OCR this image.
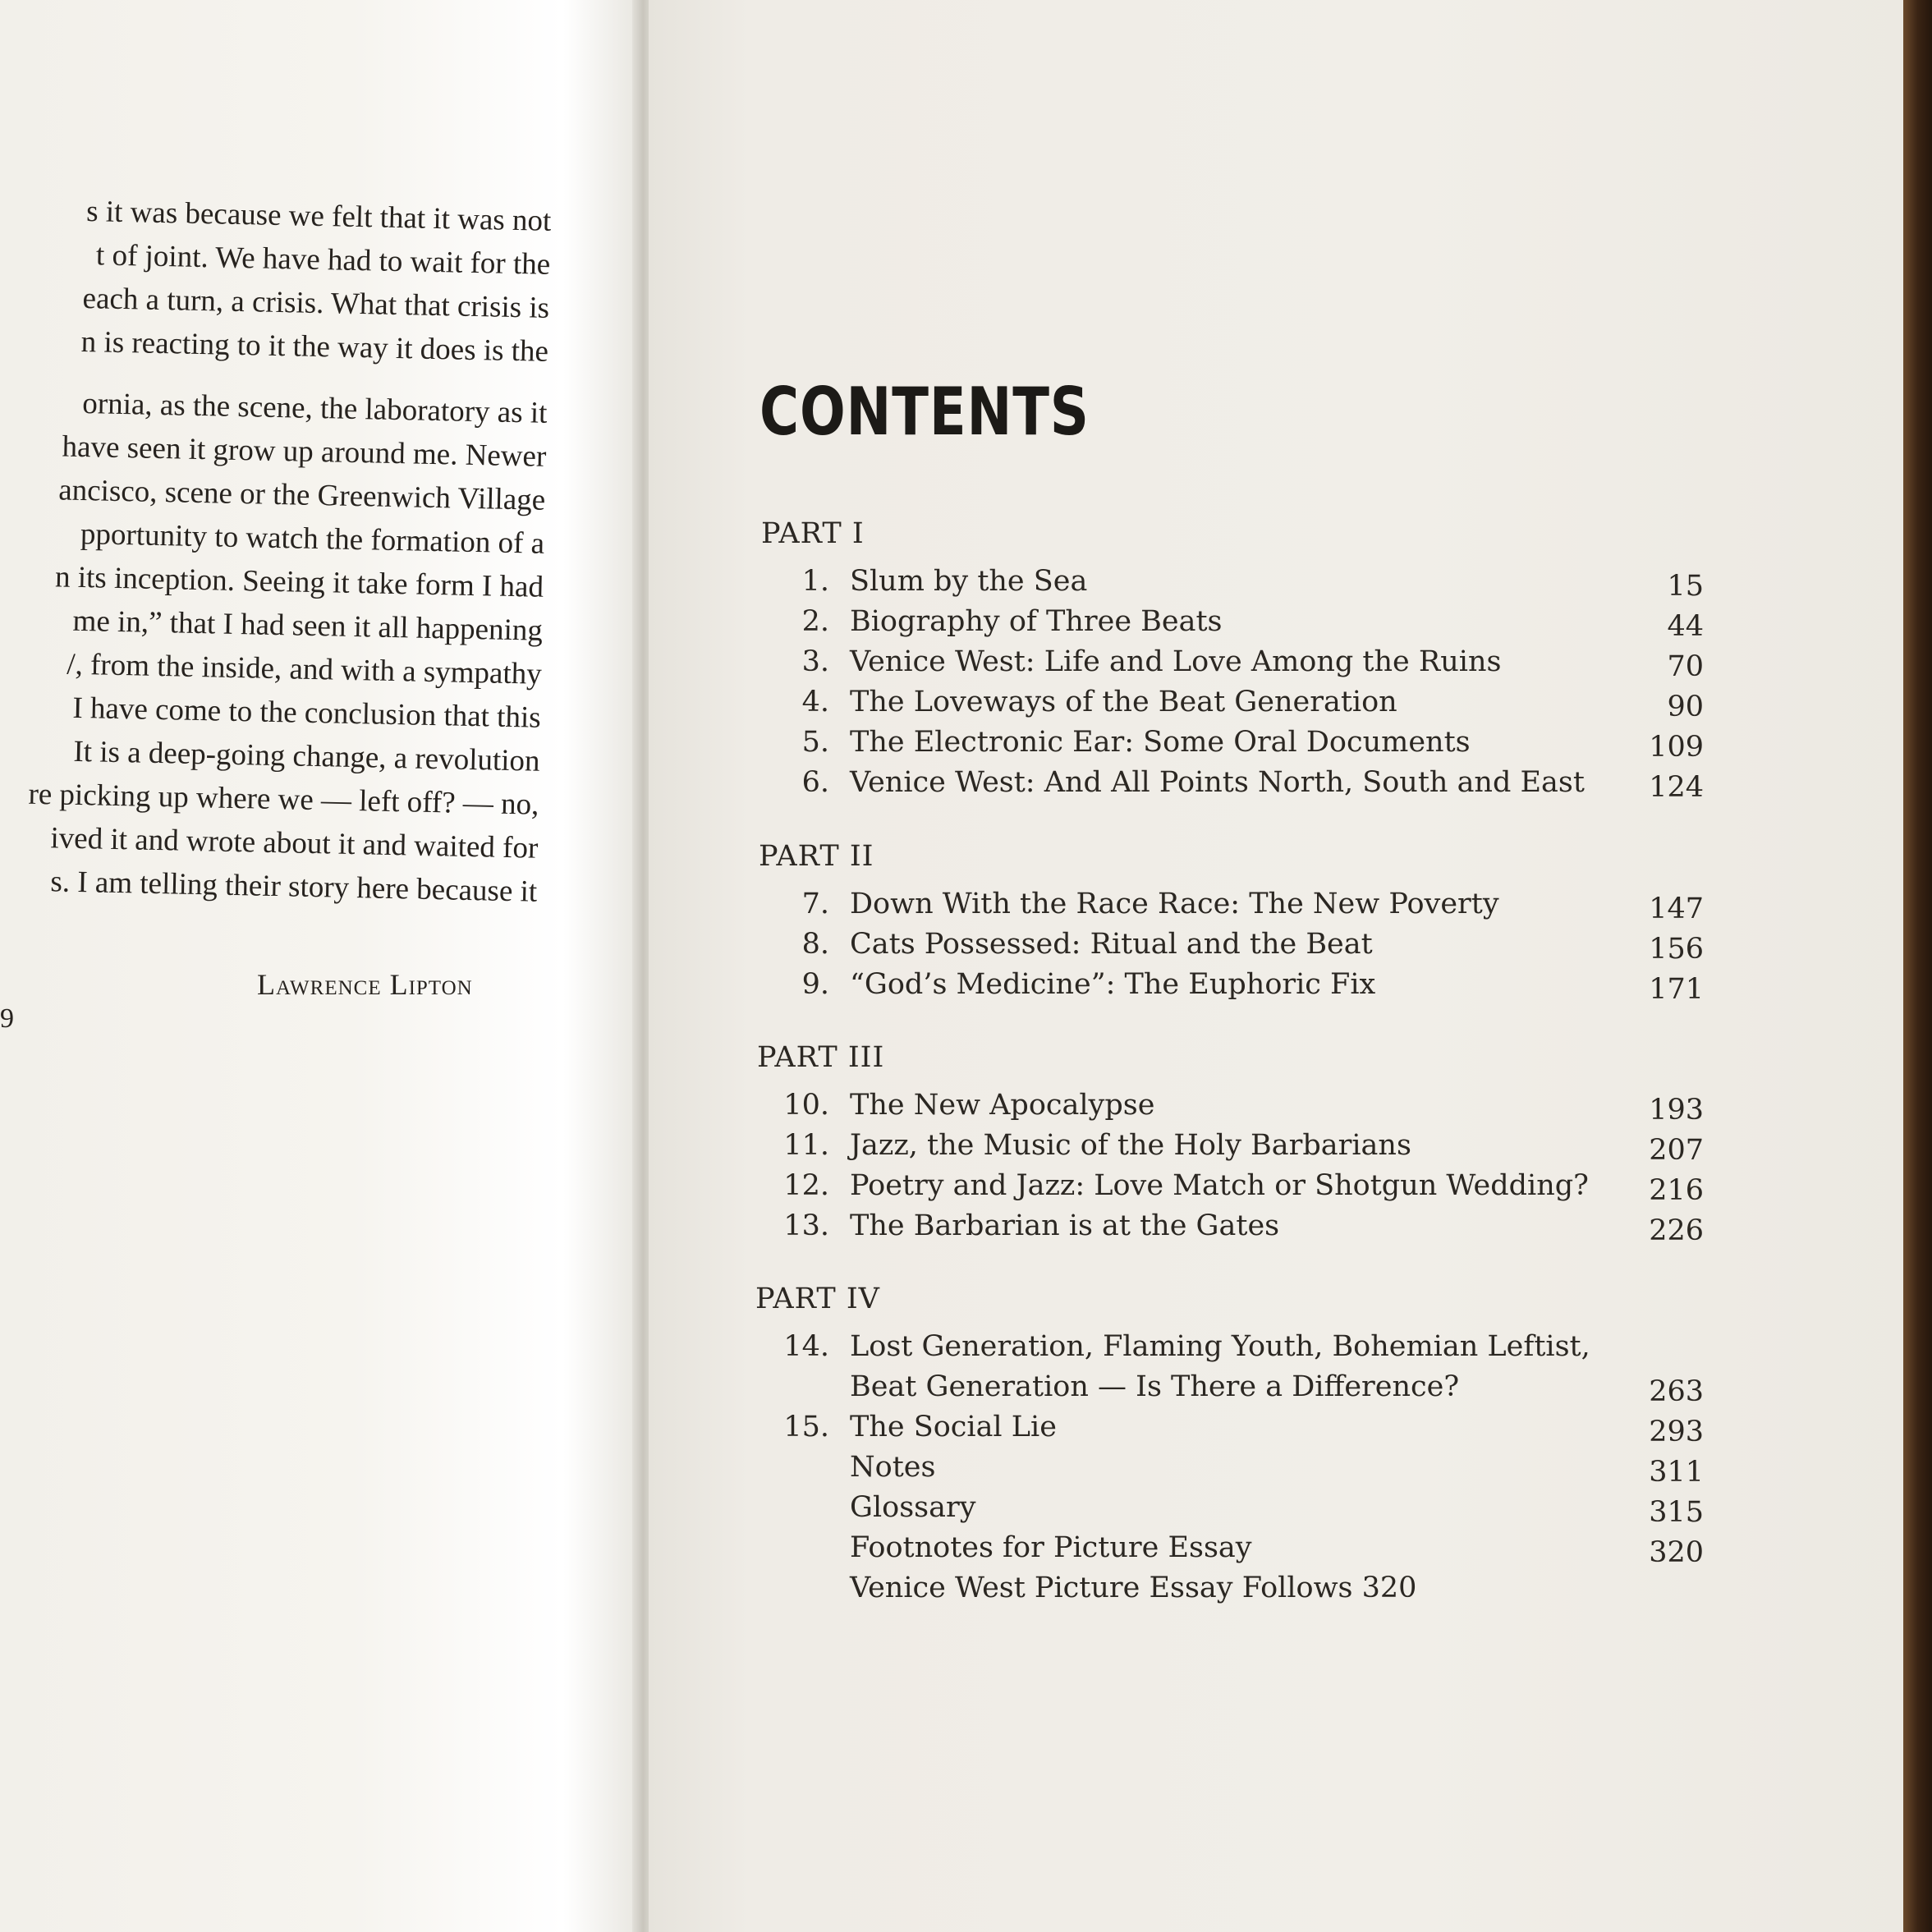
s it was because we felt that it was not
t of joint. We have had to wait for the
each a turn, a crisis. What that crisis is
n is reacting to it the way it does is the
ornia, as the scene, the laboratory as it
have seen it grow up around me. Newer
ancisco, scene or the Greenwich Village
pportunity to watch the formation of a
n its inception. Seeing it take form I had
me in,” that I had seen it all happening
/, from the inside, and with a sympathy
I have come to the conclusion that this
It is a deep-going change, a revolution
re picking up where we — left off? — no,
ived it and wrote about it and waited for
s. I am telling their story here because it
Lawrence Lipton
9
CONTENTS
PART I
1. Slum by the Sea	15
2. Biography of Three Beats	44
3. Venice West: Life and Love Among the Ruins	70
4. The Loveways of the Beat Generation	90
5. The Electronic Ear: Some Oral Documents	109
6. Venice West: And All Points North, South and East	124
PART II
7. Down With the Race Race: The New Poverty	147
8. Cats Possessed: Ritual and the Beat	156
9. “God’s Medicine”: The Euphoric Fix	171
PART III
10. The New Apocalypse	193
11. Jazz, the Music of the Holy Barbarians	207
12. Poetry and Jazz: Love Match or Shotgun Wedding?	216
13. The Barbarian is at the Gates	226
PART IV
14. Lost Generation, Flaming Youth, Bohemian Leftist,
Beat Generation — Is There a Difference?	263
15. The Social Lie	293
Notes	311
Glossary	315
Footnotes for Picture Essay	320
Venice West Picture Essay Follows 320
